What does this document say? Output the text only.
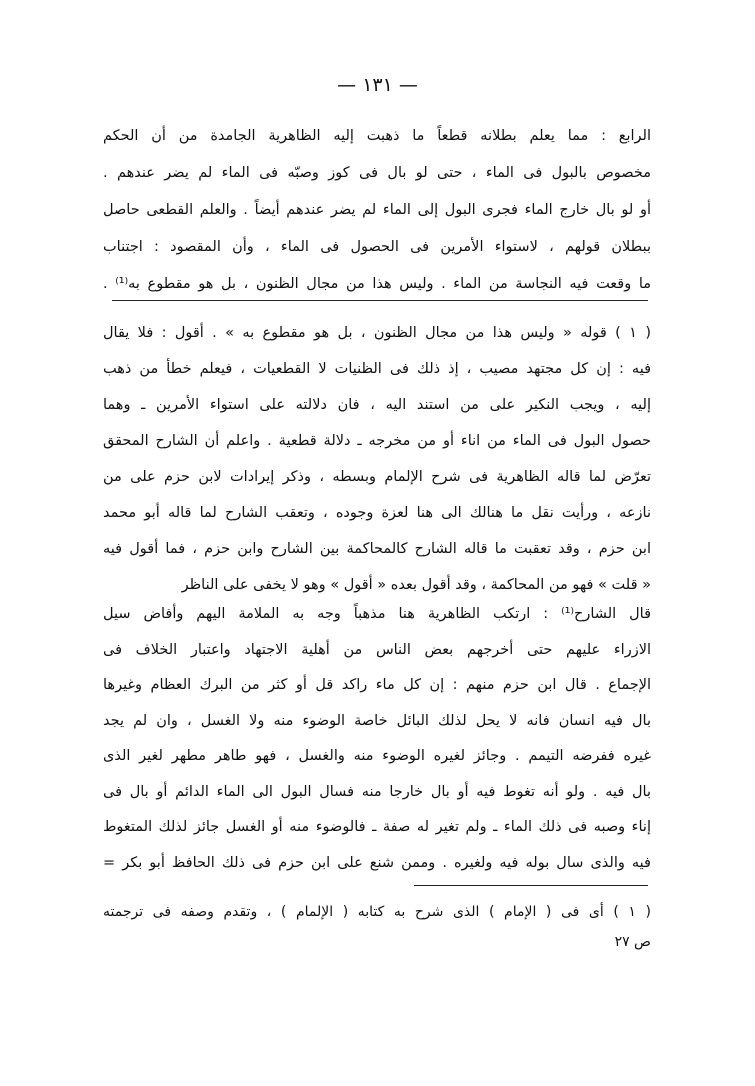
— ١٣١ —
الرابع : مما يعلم بطلانه قطعاً ما ذهبت إليه الظاهرية الجامدة من أن الحكم
مخصوص بالبول فى الماء ، حتى لو بال فى كوز وصبّه فى الماء لم يضر عندهم .
أو لو بال خارج الماء فجرى البول إلى الماء لم يضر عندهم أيضاً . والعلم القطعى حاصل
ببطلان قولهم ، لاستواء الأمرين فى الحصول فى الماء ، وأن المقصود : اجتناب
ما وقعت فيه النجاسة من الماء . وليس هذا من مجال الظنون ، بل هو مقطوع به⁽¹⁾ .
( ١ ) قوله « وليس هذا من مجال الظنون ، بل هو مقطوع به » . أقول : فلا يقال
فيه : إن كل مجتهد مصيب ، إذ ذلك فى الظنيات لا القطعيات ، فيعلم خطأ من ذهب
إليه ، ويجب النكير على من استند اليه ، فان دلالته على استواء الأمرين ـ وهما
حصول البول فى الماء من اناء أو من مخرجه ـ دلالة قطعية . واعلم أن الشارح المحقق
تعرّض لما قاله الظاهرية فى شرح الإلمام وبسطه ، وذكر إيرادات لابن حزم على من
نازعه ، ورأيت نقل ما هنالك الى هنا لعزة وجوده ، وتعقب الشارح لما قاله أبو محمد
ابن حزم ، وقد تعقبت ما قاله الشارح كالمحاكمة بين الشارح وابن حزم ، فما أقول فيه
« قلت » فهو من المحاكمة ، وقد أقول بعده « أقول » وهو لا يخفى على الناظر
قال الشارح⁽¹⁾ : ارتكب الظاهرية هنا مذهباً وجه به الملامة اليهم وأفاض سيل
الازراء عليهم حتى أخرجهم بعض الناس من أهلية الاجتهاد واعتبار الخلاف فى
الإجماع . قال ابن حزم منهم : إن كل ماء راكد قل أو كثر من البرك العظام وغيرها
بال فيه انسان فانه لا يحل لذلك البائل خاصة الوضوء منه ولا الغسل ، وان لم يجد
غيره ففرضه التيمم . وجائز لغيره الوضوء منه والغسل ، فهو طاهر مطهر لغير الذى
بال فيه . ولو أنه تغوط فيه أو بال خارجا منه فسال البول الى الماء الدائم أو بال فى
إناء وصبه فى ذلك الماء ـ ولم تغير له صفة ـ فالوضوء منه أو الغسل جائز لذلك المتغوط
فيه والذى سال بوله فيه ولغيره . وممن شنع على ابن حزم فى ذلك الحافظ أبو بكر =
( ١ ) أى فى ( الإمام ) الذى شرح به كتابه ( الإلمام ) ، وتقدم وصفه فى ترجمته
ص ٢٧
